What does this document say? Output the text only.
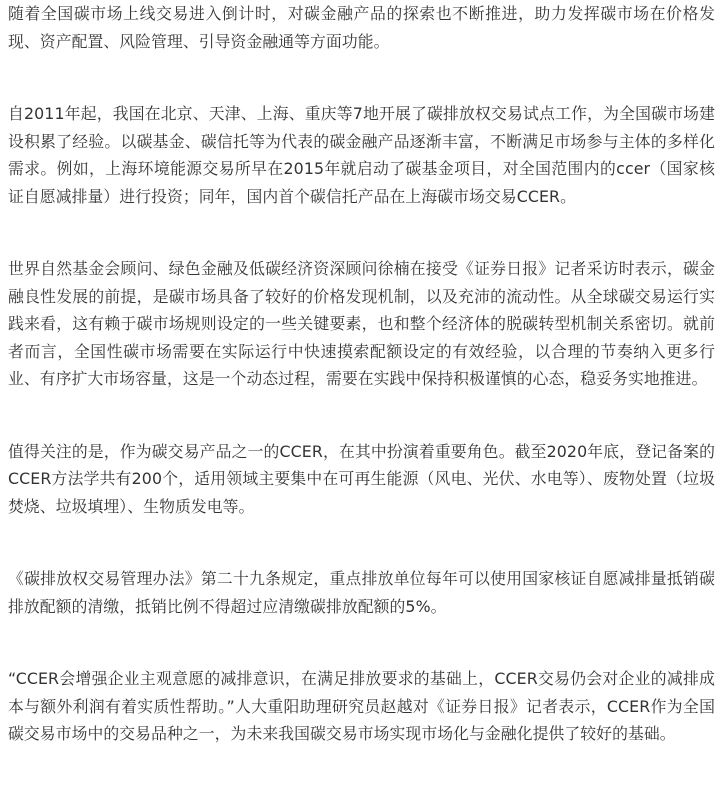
随着全国碳市场上线交易进入倒计时，对碳金融产品的探索也不断推进，助力发挥碳市场在价格发现、资产配置、风险管理、引导资金融通等方面功能。

自2011年起，我国在北京、天津、上海、重庆等7地开展了碳排放权交易试点工作，为全国碳市场建设积累了经验。以碳基金、碳信托等为代表的碳金融产品逐渐丰富，不断满足市场参与主体的多样化需求。例如，上海环境能源交易所早在2015年就启动了碳基金项目，对全国范围内的ccer（国家核证自愿减排量）进行投资；同年，国内首个碳信托产品在上海碳市场交易CCER。

世界自然基金会顾问、绿色金融及低碳经济资深顾问徐楠在接受《证券日报》记者采访时表示，碳金融良性发展的前提，是碳市场具备了较好的价格发现机制，以及充沛的流动性。从全球碳交易运行实践来看，这有赖于碳市场规则设定的一些关键要素，也和整个经济体的脱碳转型机制关系密切。就前者而言，全国性碳市场需要在实际运行中快速摸索配额设定的有效经验，以合理的节奏纳入更多行业、有序扩大市场容量，这是一个动态过程，需要在实践中保持积极谨慎的心态，稳妥务实地推进。

值得关注的是，作为碳交易产品之一的CCER，在其中扮演着重要角色。截至2020年底，登记备案的CCER方法学共有200个，适用领域主要集中在可再生能源（风电、光伏、水电等）、废物处置（垃圾焚烧、垃圾填埋）、生物质发电等。

《碳排放权交易管理办法》第二十九条规定，重点排放单位每年可以使用国家核证自愿减排量抵销碳排放配额的清缴，抵销比例不得超过应清缴碳排放配额的5%。

“CCER会增强企业主观意愿的减排意识，在满足排放要求的基础上，CCER交易仍会对企业的减排成本与额外利润有着实质性帮助。”人大重阳助理研究员赵越对《证券日报》记者表示，CCER作为全国碳交易市场中的交易品种之一，为未来我国碳交易市场实现市场化与金融化提供了较好的基础。
